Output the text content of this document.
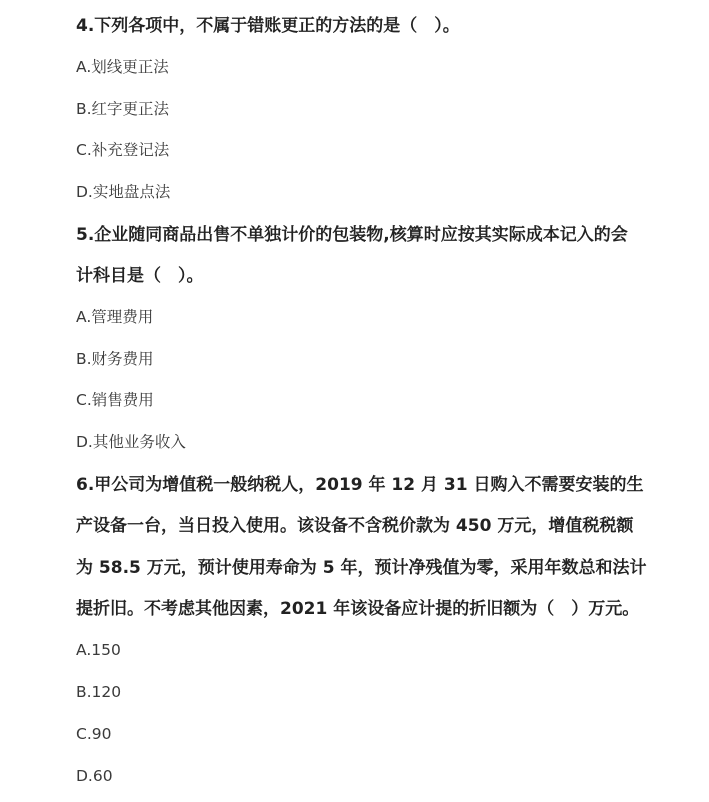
4.下列各项中，不属于错账更正的方法的是（　）。
A.划线更正法
B.红字更正法
C.补充登记法
D.实地盘点法
5.企业随同商品出售不单独计价的包装物,核算时应按其实际成本记入的会
计科目是（　）。
A.管理费用
B.财务费用
C.销售费用
D.其他业务收入
6.甲公司为增值税一般纳税人，2019 年 12 月 31 日购入不需要安装的生
产设备一台，当日投入使用。该设备不含税价款为 450 万元，增值税税额
为 58.5 万元，预计使用寿命为 5 年，预计净残值为零，采用年数总和法计
提折旧。不考虑其他因素，2021 年该设备应计提的折旧额为（　）万元。
A.150
B.120
C.90
D.60
